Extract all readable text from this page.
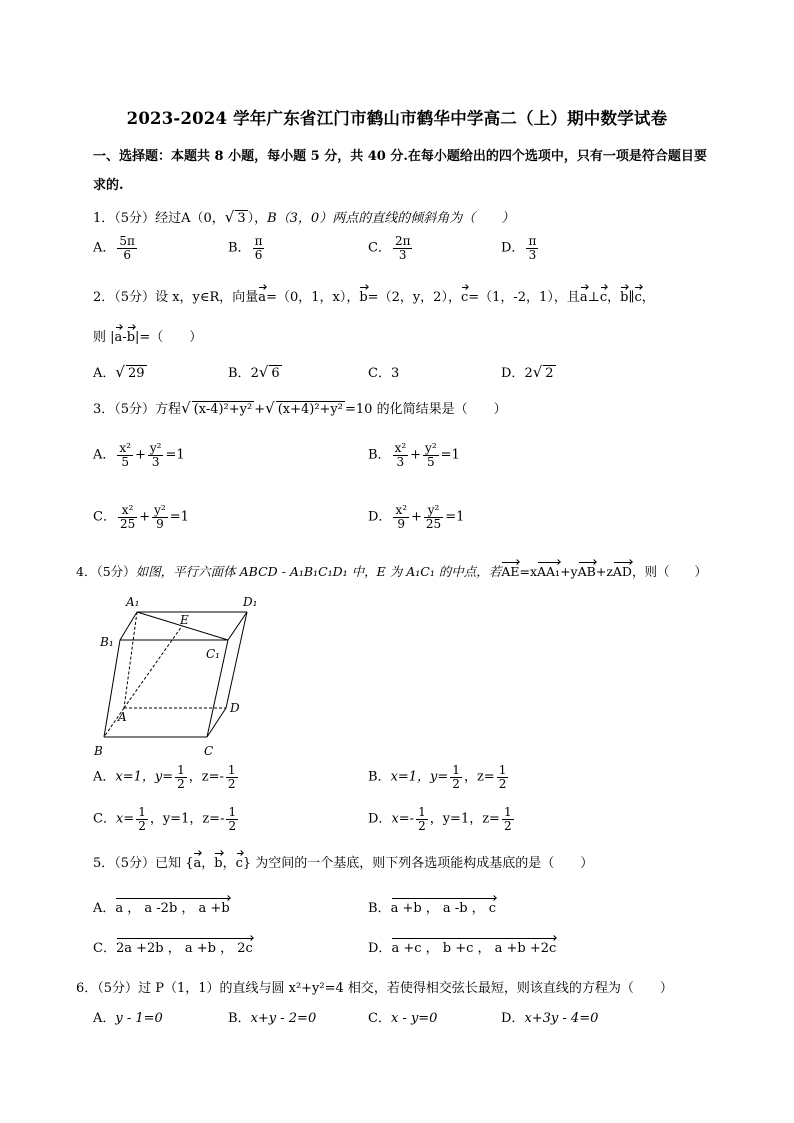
2023-2024 学年广东省江门市鹤山市鹤华中学高二（上）期中数学试卷
一、选择题：本题共 8 小题，每小题 5 分，共 40 分.在每小题给出的四个选项中，只有一项是符合题目要
求的.
1．（5分）经过A（0，√ 3 ），B（3，0）两点的直线的倾斜角为（　　）
A． $\frac{5\pi}{6}$	B． $\frac{\pi}{6}$	C． $\frac{2\pi}{3}$	D． $\frac{\pi}{3}$
2．（5分）设 x，y∈R，向量a=（0，1，x），b=（2，y，2），c=（1，-2，1），且a⊥c，b∥c，
则 |a-b|=（　　）
A．√ 29	B．2√ 6	C．3	D．2√ 2
3．（5分）方程√ (x-4)²+y² +√ (x+4)²+y² =10 的化简结果是（　　）
A． $\frac{\text{x²}}{5} + \frac{\text{y²}}{3} =1$	B． $\frac{\text{x²}}{3} + \frac{\text{y²}}{5} =1$
C． $\frac{\text{x²}}{25} + \frac{\text{y²}}{9} =1$	D． $\frac{\text{x²}}{9} + \frac{\text{y²}}{25} =1$
4．（5分）如图，平行六面体 ABCD - A₁B₁C₁D₁ 中，E 为 A₁C₁ 的中点，若AE=xAA₁+yAB+zAD，则（　　）
A₁	D₁
B₁
C₁
E
A
D
B	C
A．x=1，$y= \frac{1}{2}$ ，$z=- \frac{1}{2}$	B．x=1，$y= \frac{1}{2}$ ，$z= \frac{1}{2}$
C．$x= \frac{1}{2}$ ，y=1，$z=- \frac{1}{2}$	D．$x=- \frac{1}{2}$ ，y=1，$z= \frac{1}{2}$
5．（5分）已知 {a，b，c} 为空间的一个基底，则下列各选项能构成基底的是（　　）
A．a ， a -2b ， a +b	B．a +b ， a -b ， c
C．2a +2b ， a +b ， 2c	D．a +c ， b +c ， a +b +2c
6．（5分）过 P（1，1）的直线与圆 x²+y²=4 相交，若使得相交弦长最短，则该直线的方程为（　　）
A．y - 1=0	B．x+y - 2=0	C．x - y=0	D．x+3y - 4=0
